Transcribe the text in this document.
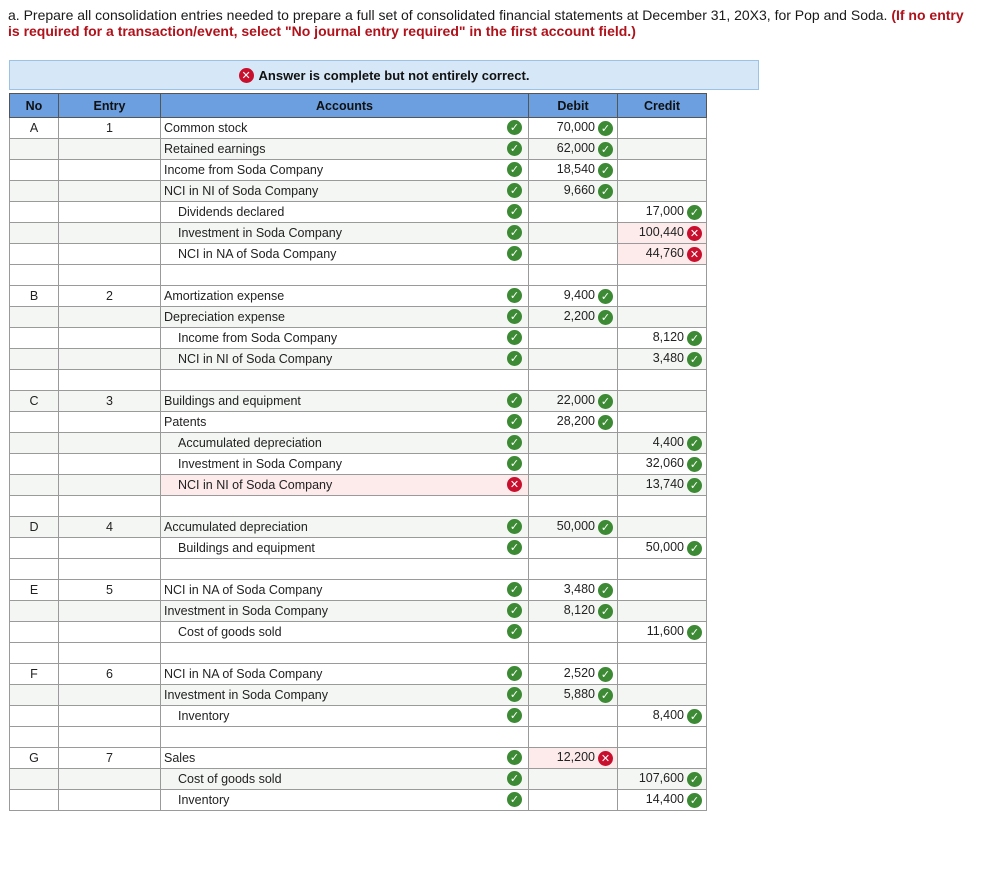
a. Prepare all consolidation entries needed to prepare a full set of consolidated financial statements at December 31, 20X3, for Pop and Soda. (If no entry is required for a transaction/event, select "No journal entry required" in the first account field.)
✕ Answer is complete but not entirely correct.
No	Entry	Accounts	Debit	Credit
A	1	Common stock ✓	70,000 ✓	
		Retained earnings ✓	62,000 ✓	
		Income from Soda Company ✓	18,540 ✓	
		NCI in NI of Soda Company ✓	9,660 ✓	
		Dividends declared ✓		17,000 ✓
		Investment in Soda Company ✓		100,440 ✕
		NCI in NA of Soda Company ✓		44,760 ✕

B	2	Amortization expense ✓	9,400 ✓	
		Depreciation expense ✓	2,200 ✓	
		Income from Soda Company ✓		8,120 ✓
		NCI in NI of Soda Company ✓		3,480 ✓

C	3	Buildings and equipment ✓	22,000 ✓	
		Patents ✓	28,200 ✓	
		Accumulated depreciation ✓		4,400 ✓
		Investment in Soda Company ✓		32,060 ✓
		NCI in NI of Soda Company ✕		13,740 ✓

D	4	Accumulated depreciation ✓	50,000 ✓	
		Buildings and equipment ✓		50,000 ✓

E	5	NCI in NA of Soda Company ✓	3,480 ✓	
		Investment in Soda Company ✓	8,120 ✓	
		Cost of goods sold ✓		11,600 ✓

F	6	NCI in NA of Soda Company ✓	2,520 ✓	
		Investment in Soda Company ✓	5,880 ✓	
		Inventory ✓		8,400 ✓

G	7	Sales ✓	12,200 ✕	
		Cost of goods sold ✓		107,600 ✓
		Inventory ✓		14,400 ✓
